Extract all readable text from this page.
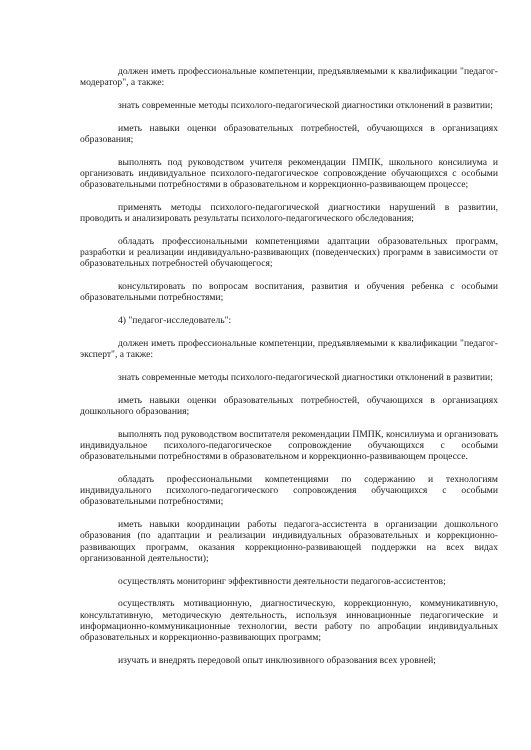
должен иметь профессиональные компетенции, предъявляемыми к квалификации "педагог-модератор", а также:

знать современные методы психолого-педагогической диагностики отклонений в развитии;

иметь навыки оценки образовательных потребностей, обучающихся в организациях образования;

выполнять под руководством учителя рекомендации ПМПК, школьного консилиума и организовать индивидуальное психолого-педагогическое сопровождение обучающихся с особыми образовательными потребностями в образовательном и коррекционно-развивающем процессе;

применять методы психолого-педагогической диагностики нарушений в развитии, проводить и анализировать результаты психолого-педагогического обследования;

обладать профессиональными компетенциями адаптации образовательных программ, разработки и реализации индивидуально-развивающих (поведенческих) программ в зависимости от образовательных потребностей обучающегося;

консультировать по вопросам воспитания, развития и обучения ребенка с особыми образовательными потребностями;

4) "педагог-исследователь":

должен иметь профессиональные компетенции, предъявляемыми к квалификации "педагог-эксперт", а также:

знать современные методы психолого-педагогической диагностики отклонений в развитии;

иметь навыки оценки образовательных потребностей, обучающихся в организациях дошкольного образования;

выполнять под руководством воспитателя рекомендации ПМПК, консилиума и организовать индивидуальное психолого-педагогическое сопровождение обучающихся с особыми образовательными потребностями в образовательном и коррекционно-развивающем процессе.

обладать профессиональными компетенциями по содержанию и технологиям индивидуального психолого-педагогического сопровождения обучающихся с особыми образовательными потребностями;

иметь навыки координации работы педагога-ассистента в организации дошкольного образования (по адаптации и реализации индивидуальных образовательных и коррекционно-развивающих программ, оказания коррекционно-развивающей поддержки на всех видах организованной деятельности);

осуществлять мониторинг эффективности деятельности педагогов-ассистентов;

осуществлять мотивационную, диагностическую, коррекционную, коммуникативную, консультативную, методическую деятельность, используя инновационные педагогические и информационно-коммуникационные технологии, вести работу по апробации индивидуальных образовательных и коррекционно-развивающих программ;

изучать и внедрять передовой опыт инклюзивного образования всех уровней;
